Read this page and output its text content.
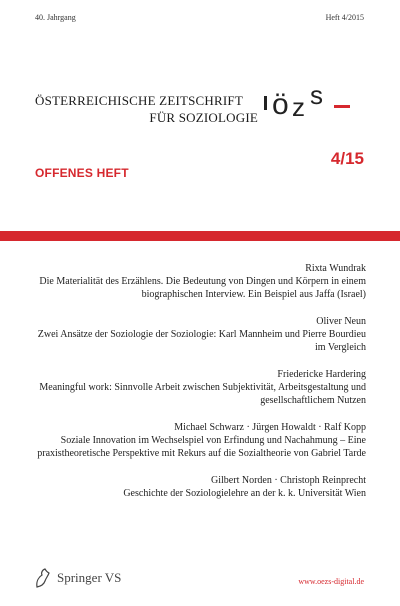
40. Jahrgang	Heft 4/2015
ÖSTERREICHISCHE ZEITSCHRIFT
FÜR SOZIOLOGIE ö z s
OFFENES HEFT
4/15
Rixta Wundrak
Die Materialität des Erzählens. Die Bedeutung von Dingen und Körpern in einem biographischen Interview. Ein Beispiel aus Jaffa (Israel)
Oliver Neun
Zwei Ansätze der Soziologie der Soziologie: Karl Mannheim und Pierre Bourdieu im Vergleich
Friedericke Hardering
Meaningful work: Sinnvolle Arbeit zwischen Subjektivität, Arbeitsgestaltung und gesellschaftlichem Nutzen
Michael Schwarz · Jürgen Howaldt · Ralf Kopp
Soziale Innovation im Wechselspiel von Erfindung und Nachahmung – Eine praxistheoretische Perspektive mit Rekurs auf die Sozialtheorie von Gabriel Tarde
Gilbert Norden · Christoph Reinprecht
Geschichte der Soziologielehre an der k. k. Universität Wien
Springer VS	www.oezs-digital.de
